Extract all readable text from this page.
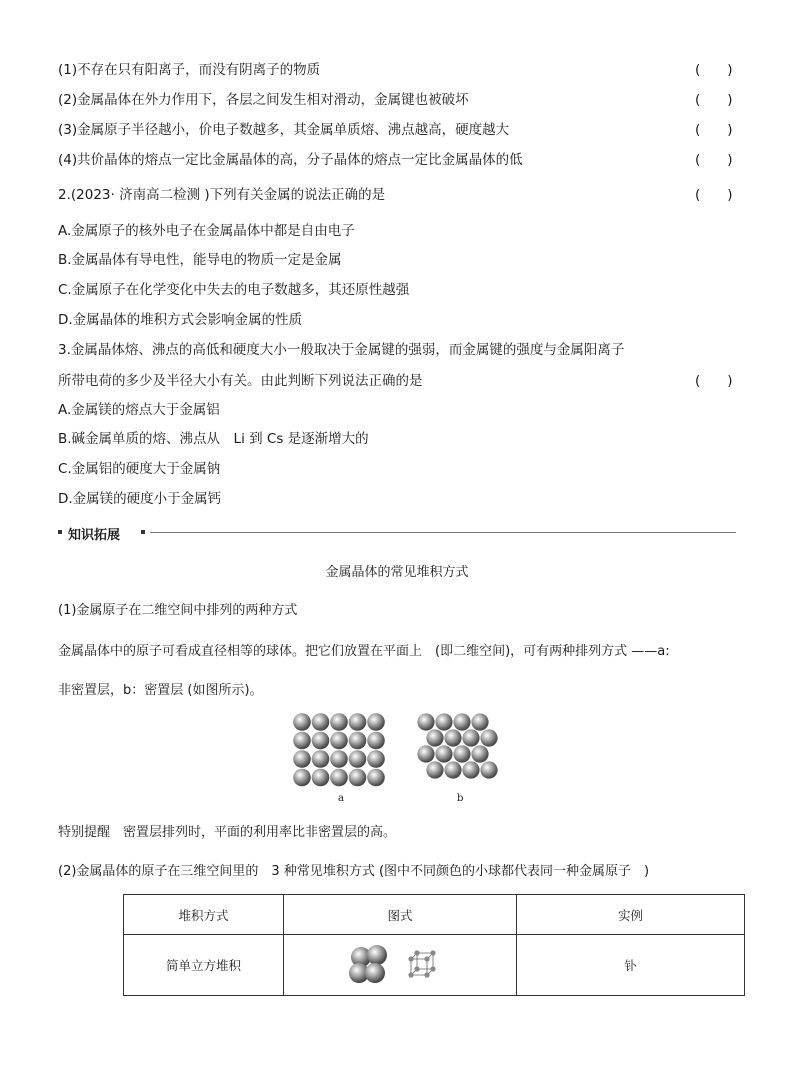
(1)不存在只有阳离子，而没有阴离子的物质	(　　)
(2)金属晶体在外力作用下，各层之间发生相对滑动，金属键也被破坏	(　　)
(3)金属原子半径越小，价电子数越多，其金属单质熔、沸点越高，硬度越大	(　　)
(4)共价晶体的熔点一定比金属晶体的高，分子晶体的熔点一定比金属晶体的低	(　　)
2.(2023· 济南高二检测 )下列有关金属的说法正确的是	(　　)
A.金属原子的核外电子在金属晶体中都是自由电子
B.金属晶体有导电性，能导电的物质一定是金属
C.金属原子在化学变化中失去的电子数越多，其还原性越强
D.金属晶体的堆积方式会影响金属的性质
3.金属晶体熔、沸点的高低和硬度大小一般取决于金属键的强弱，而金属键的强度与金属阳离子
所带电荷的多少及半径大小有关。由此判断下列说法正确的是	(　　)
A.金属镁的熔点大于金属铝
B.碱金属单质的熔、沸点从　Li 到 Cs 是逐渐增大的
C.金属铝的硬度大于金属钠
D.金属镁的硬度小于金属钙
知识拓展
金属晶体的常见堆积方式
(1)金属原子在二维空间中排列的两种方式
金属晶体中的原子可看成直径相等的球体。把它们放置在平面上　(即二维空间)，可有两种排列方式 ——a:
非密置层，b：密置层 (如图所示)。
a	b
特别提醒　密置层排列时，平面的利用率比非密置层的高。
(2)金属晶体的原子在三维空间里的　3 种常见堆积方式 (图中不同颜色的小球都代表同一种金属原子　)
堆积方式	图式	实例
简单立方堆积		钋
